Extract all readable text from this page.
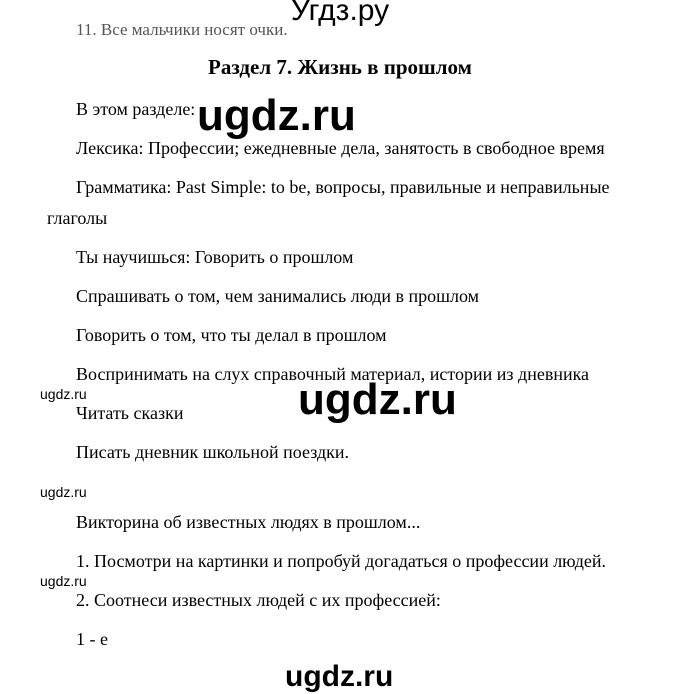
Угдз.ру
11. Все мальчики носят очки.
Раздел 7. Жизнь в прошлом
В этом разделе:
Лексика: Профессии; ежедневные дела, занятость в свободное время
Грамматика: Past Simple: to be, вопросы, правильные и неправильные
глаголы
Ты научишься: Говорить о прошлом
Спрашивать о том, чем занимались люди в прошлом
Говорить о том, что ты делал в прошлом
Воспринимать на слух справочный материал, истории из дневника
Читать сказки
Писать дневник школьной поездки.
Викторина об известных людях в прошлом...
1. Посмотри на картинки и попробуй догадаться о профессии людей.
2. Соотнеси известных людей с их профессией:
1 - е
ugdz.ru
ugdz.ru
ugdz.ru
ugdz.ru
ugdz.ru
ugdz.ru
